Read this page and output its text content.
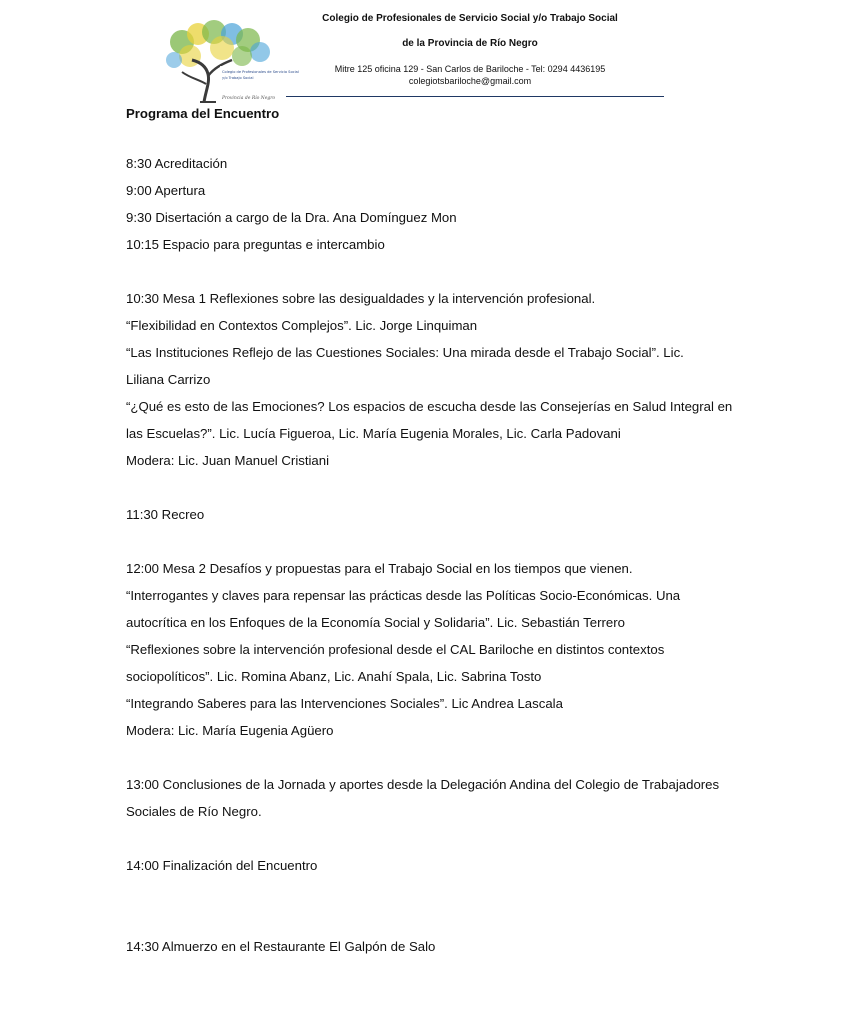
Colegio de Profesionales de Servicio Social
y/o Trabajo Social
Provincia de Río Negro
Colegio de Profesionales de Servicio Social y/o Trabajo Social
de la Provincia de Río Negro
Mitre 125 oficina 129 - San Carlos de Bariloche - Tel: 0294 4436195
colegiotsbariloche@gmail.com

Programa del Encuentro

8:30 Acreditación
9:00 Apertura
9:30 Disertación a cargo de la Dra. Ana Domínguez Mon
10:15 Espacio para preguntas e intercambio

10:30 Mesa 1 Reflexiones sobre las desigualdades y la intervención profesional.
“Flexibilidad en Contextos Complejos”. Lic. Jorge Linquiman
“Las Instituciones Reflejo de las Cuestiones Sociales: Una mirada desde el Trabajo Social”. Lic.
Liliana Carrizo
“¿Qué es esto de las Emociones? Los espacios de escucha desde las Consejerías en Salud Integral en
las Escuelas?”. Lic. Lucía Figueroa, Lic. María Eugenia Morales, Lic. Carla Padovani
Modera: Lic. Juan Manuel Cristiani

11:30 Recreo

12:00 Mesa 2 Desafíos y propuestas para el Trabajo Social en los tiempos que vienen.
“Interrogantes y claves para repensar las prácticas desde las Políticas Socio-Económicas. Una
autocrítica en los Enfoques de la Economía Social y Solidaria”. Lic. Sebastián Terrero
“Reflexiones sobre la intervención profesional desde el CAL Bariloche en distintos contextos
sociopolíticos”. Lic. Romina Abanz, Lic. Anahí Spala, Lic. Sabrina Tosto
“Integrando Saberes para las Intervenciones Sociales”. Lic Andrea Lascala
Modera: Lic. María Eugenia Agüero

13:00 Conclusiones de la Jornada y aportes desde la Delegación Andina del Colegio de Trabajadores
Sociales de Río Negro.

14:00 Finalización del Encuentro

14:30 Almuerzo en el Restaurante El Galpón de Salo
